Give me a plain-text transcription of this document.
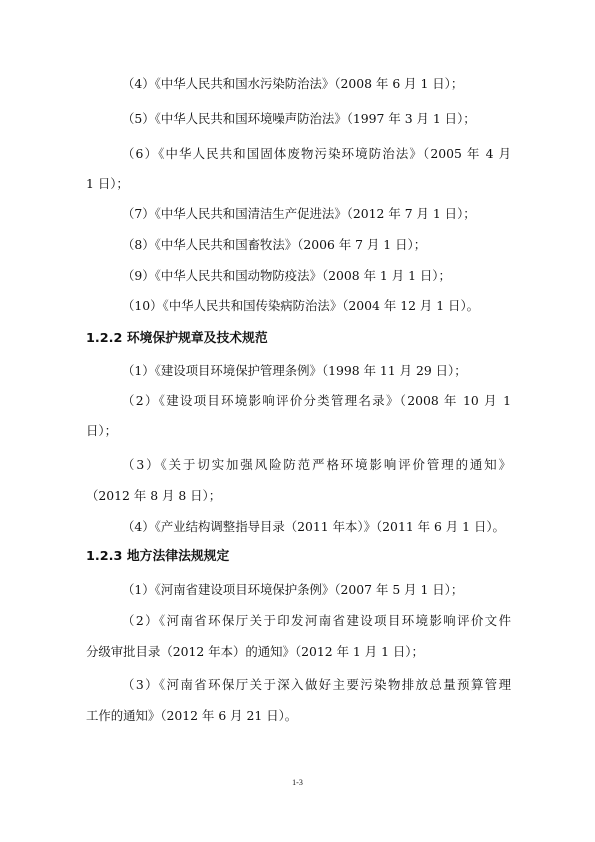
（4）《中华人民共和国水污染防治法》（2008 年 6 月 1 日）；
（5）《中华人民共和国环境噪声防治法》（1997 年 3 月 1 日）；
（6）《中华人民共和国固体废物污染环境防治法》（2005 年 4 月
1 日）；
（7）《中华人民共和国清洁生产促进法》（2012 年 7 月 1 日）；
（8）《中华人民共和国畜牧法》（2006 年 7 月 1 日）；
（9）《中华人民共和国动物防疫法》（2008 年 1 月 1 日）；
（10）《中华人民共和国传染病防治法》（2004 年 12 月 1 日）。
1.2.2 环境保护规章及技术规范
（1）《建设项目环境保护管理条例》（1998 年 11 月 29 日）；
（2）《建设项目环境影响评价分类管理名录》（2008 年 10 月 1
日）；
（3）《关于切实加强风险防范严格环境影响评价管理的通知》
（2012 年 8 月 8 日）；
（4）《产业结构调整指导目录（2011 年本）》（2011 年 6 月 1 日）。
1.2.3 地方法律法规规定
（1）《河南省建设项目环境保护条例》（2007 年 5 月 1 日）；
（2）《河南省环保厅关于印发河南省建设项目环境影响评价文件
分级审批目录（2012 年本）的通知》（2012 年 1 月 1 日）；
（3）《河南省环保厅关于深入做好主要污染物排放总量预算管理
工作的通知》（2012 年 6 月 21 日）。
1-3
